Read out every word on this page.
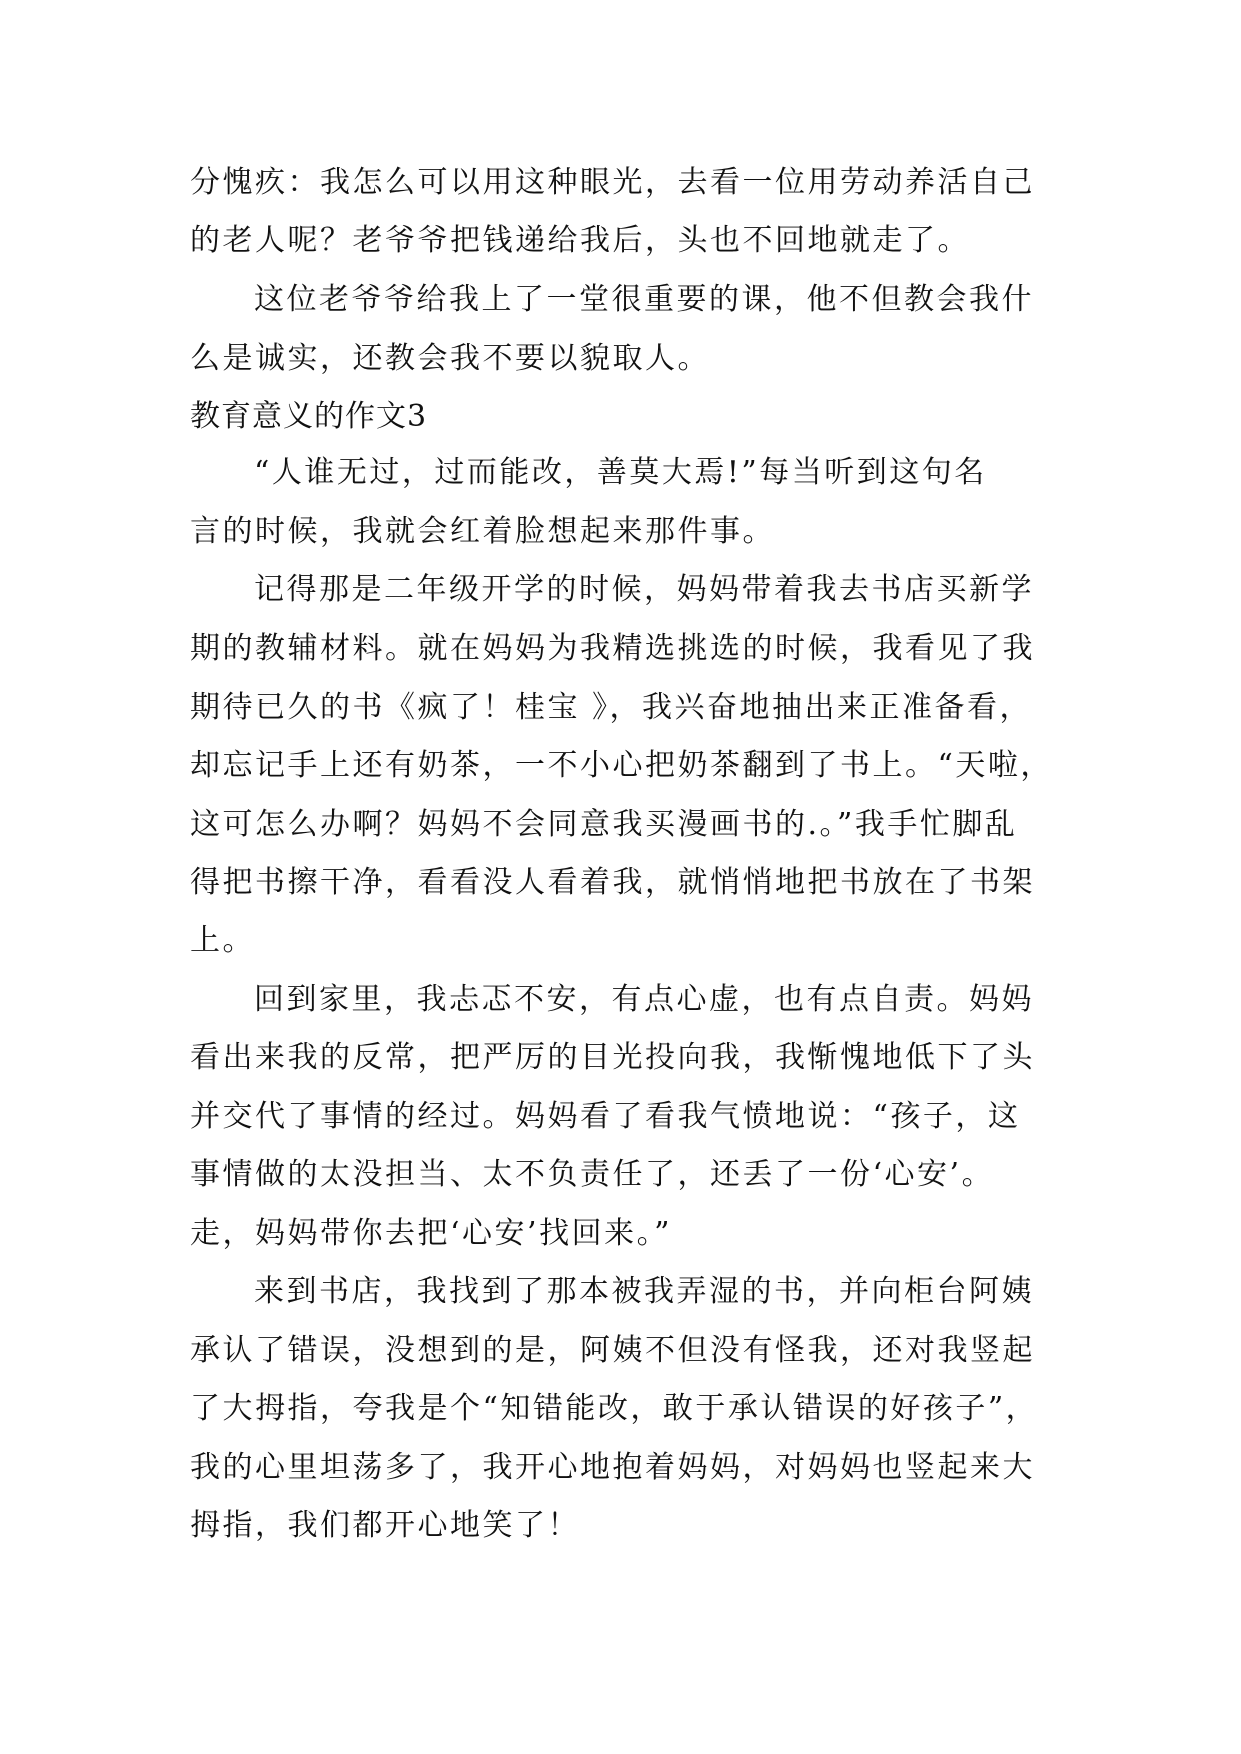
分愧疚：我怎么可以用这种眼光，去看一位用劳动养活自己
的老人呢？老爷爷把钱递给我后，头也不回地就走了。
这位老爷爷给我上了一堂很重要的课，他不但教会我什
么是诚实，还教会我不要以貌取人。
教育意义的作文3
“人谁无过，过而能改，善莫大焉!”每当听到这句名
言的时候，我就会红着脸想起来那件事。
记得那是二年级开学的时候，妈妈带着我去书店买新学
期的教辅材料。就在妈妈为我精选挑选的时候，我看见了我
期待已久的书《疯了！桂宝 》，我兴奋地抽出来正准备看，
却忘记手上还有奶茶，一不小心把奶茶翻到了书上。“天啦，
这可怎么办啊？妈妈不会同意我买漫画书的.。”我手忙脚乱
得把书擦干净，看看没人看着我，就悄悄地把书放在了书架
上。
回到家里，我忐忑不安，有点心虚，也有点自责。妈妈
看出来我的反常，把严厉的目光投向我，我惭愧地低下了头
并交代了事情的经过。妈妈看了看我气愤地说：“孩子，这
事情做的太没担当、太不负责任了，还丢了一份‘心安’。
走，妈妈带你去把‘心安’找回来。”
来到书店，我找到了那本被我弄湿的书，并向柜台阿姨
承认了错误，没想到的是，阿姨不但没有怪我，还对我竖起
了大拇指，夸我是个“知错能改，敢于承认错误的好孩子”，
我的心里坦荡多了，我开心地抱着妈妈，对妈妈也竖起来大
拇指，我们都开心地笑了！
